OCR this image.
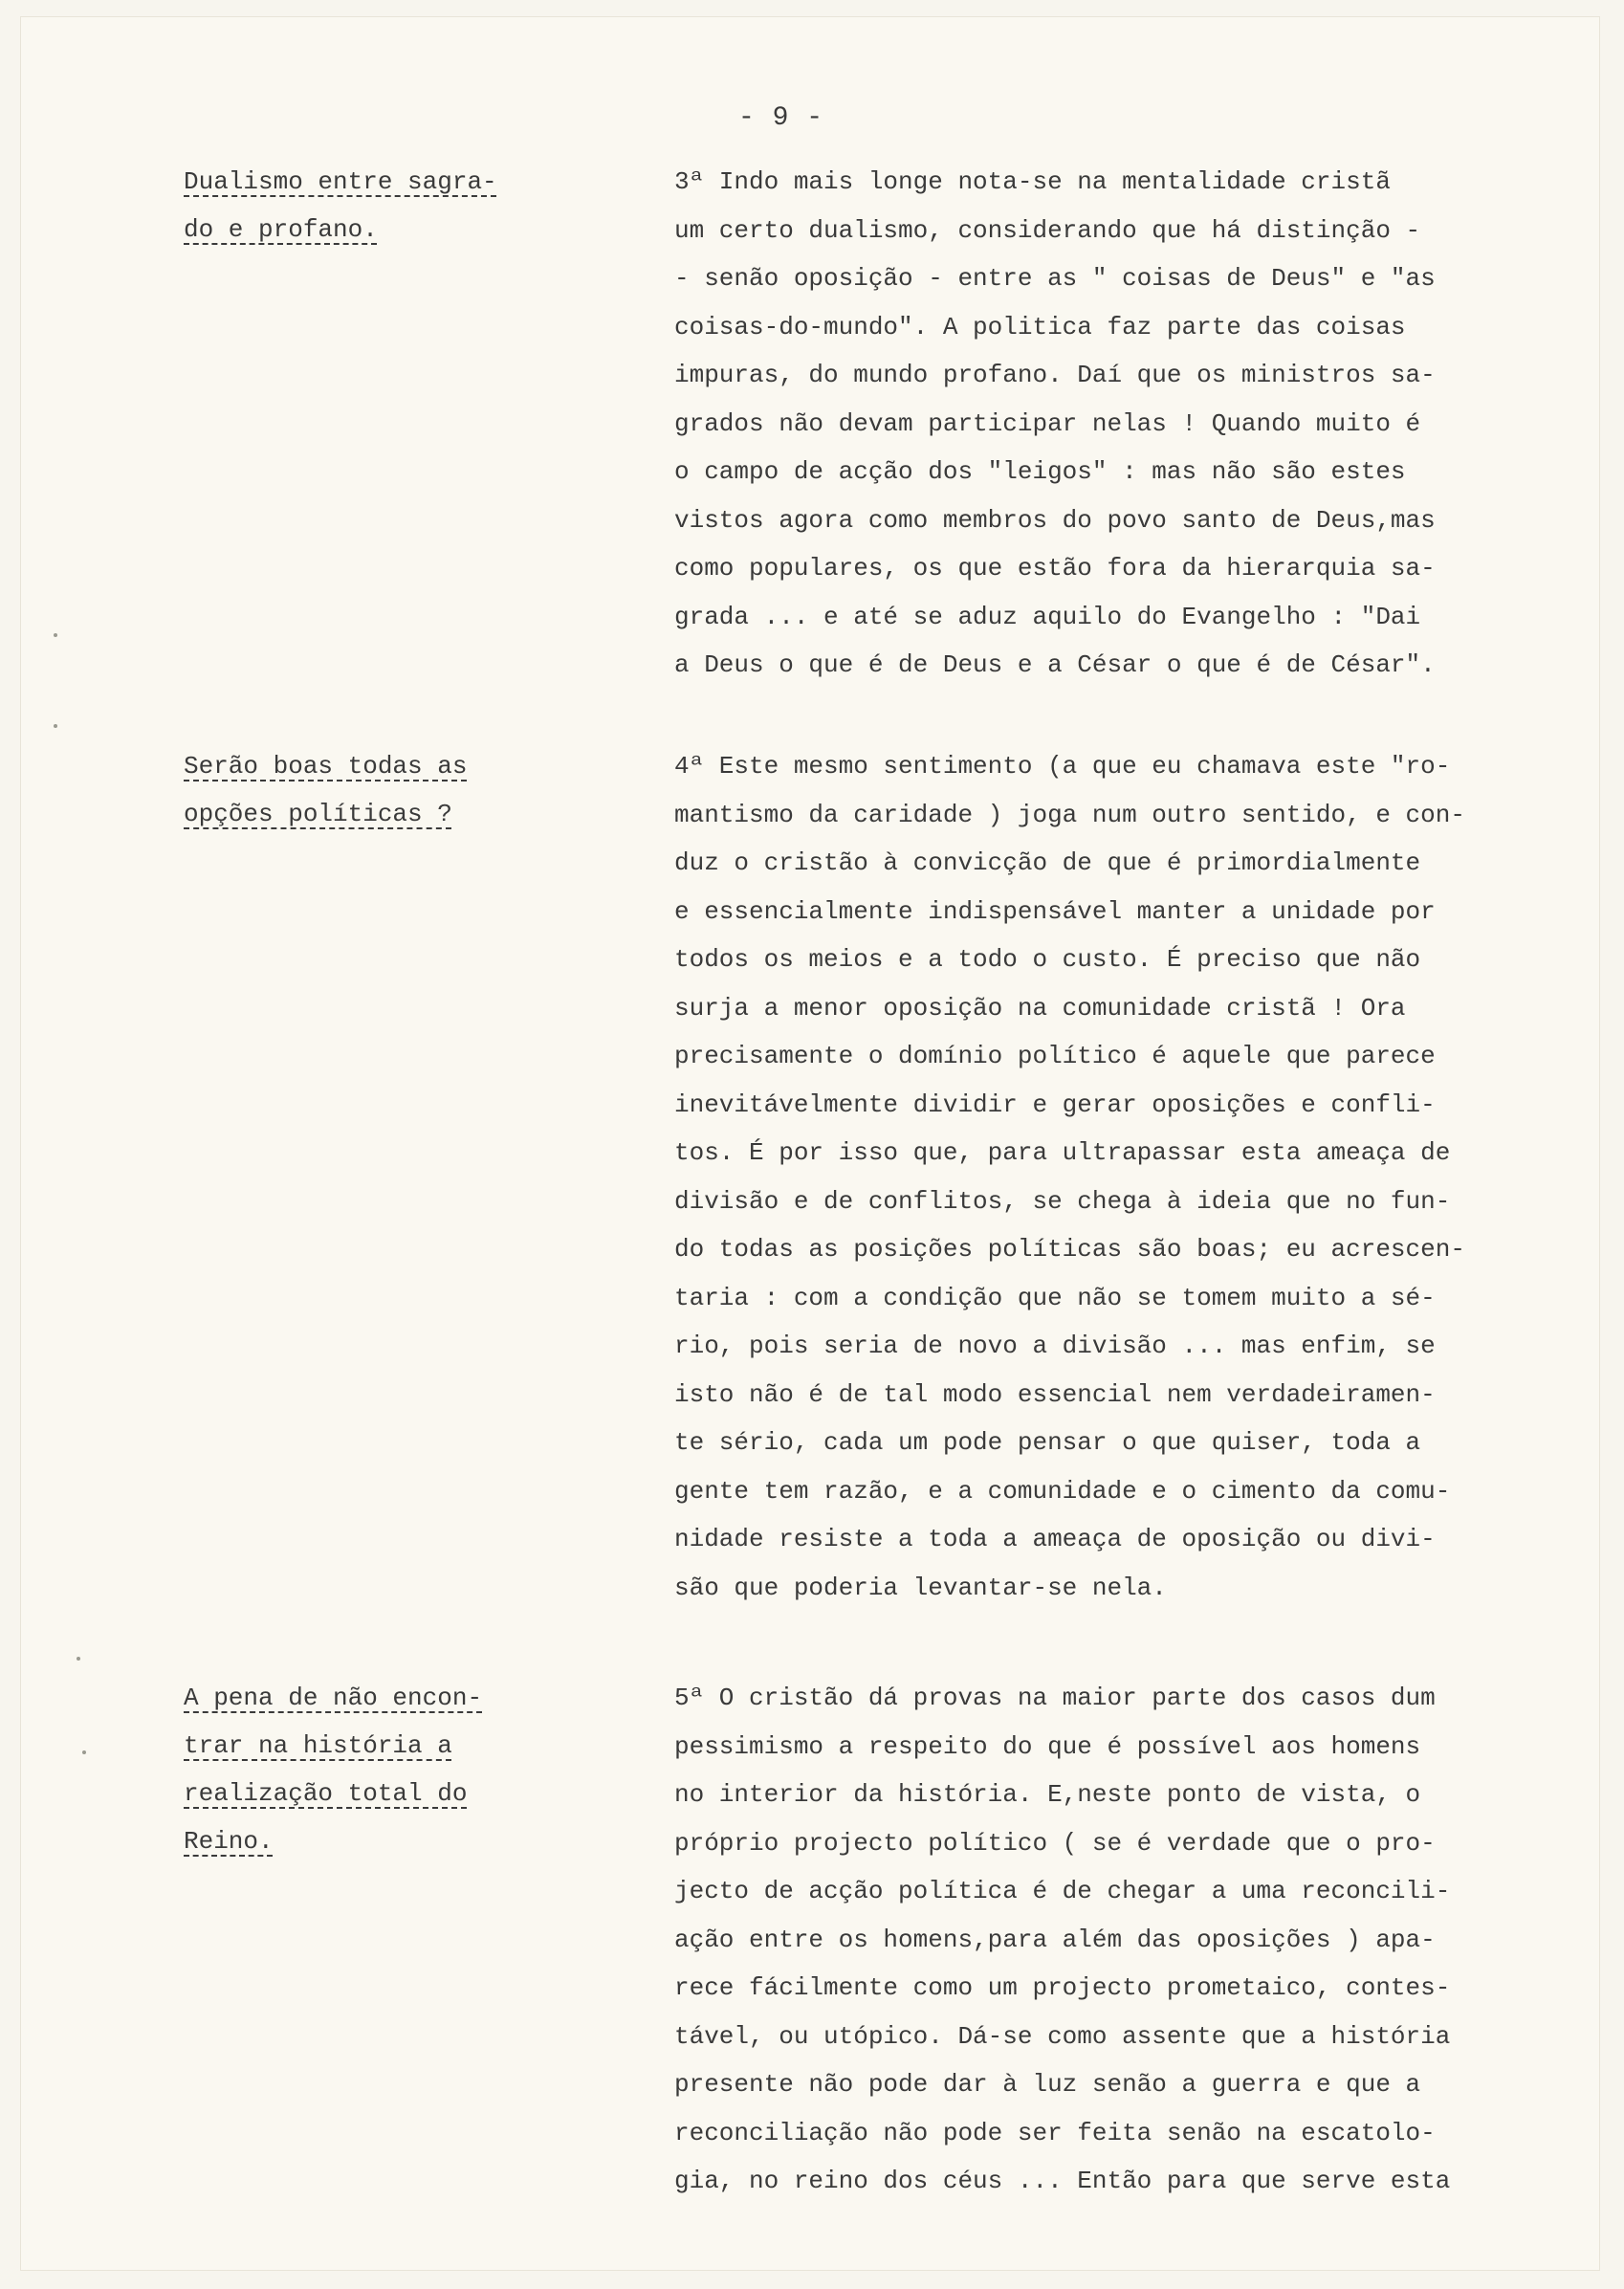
- 9 -
Dualismo entre sagra-
do e profano.
3ª Indo mais longe nota-se na mentalidade cristã
um certo dualismo, considerando que há distinção -
- senão oposição - entre as " coisas de Deus" e "as
coisas-do-mundo". A politica faz parte das coisas
impuras, do mundo profano. Daí que os ministros sa-
grados não devam participar nelas ! Quando muito é
o campo de acção dos "leigos" : mas não são estes
vistos agora como membros do povo santo de Deus,mas
como populares, os que estão fora da hierarquia sa-
grada ... e até se aduz aquilo do Evangelho : "Dai
a Deus o que é de Deus e a César o que é de César".
Serão boas todas as
opções políticas ?
4ª Este mesmo sentimento (a que eu chamava este "ro-
mantismo da caridade ) joga num outro sentido, e con-
duz o cristão à convicção de que é primordialmente
e essencialmente indispensável manter a unidade por
todos os meios e a todo o custo. É preciso que não
surja a menor oposição na comunidade cristã ! Ora
precisamente o domínio político é aquele que parece
inevitávelmente dividir e gerar oposições e confli-
tos. É por isso que, para ultrapassar esta ameaça de
divisão e de conflitos, se chega à ideia que no fun-
do todas as posições políticas são boas; eu acrescen-
taria : com a condição que não se tomem muito a sé-
rio, pois seria de novo a divisão ... mas enfim, se
isto não é de tal modo essencial nem verdadeiramen-
te sério, cada um pode pensar o que quiser, toda a
gente tem razão, e a comunidade e o cimento da comu-
nidade resiste a toda a ameaça de oposição ou divi-
são que poderia levantar-se nela.
A pena de não encon-
trar na história a
realização total do
Reino.
5ª O cristão dá provas na maior parte dos casos dum
pessimismo a respeito do que é possível aos homens
no interior da história. E,neste ponto de vista, o
próprio projecto político ( se é verdade que o pro-
jecto de acção política é de chegar a uma reconcili-
ação entre os homens,para além das oposições ) apa-
rece fácilmente como um projecto prometaico, contes-
tável, ou utópico. Dá-se como assente que a história
presente não pode dar à luz senão a guerra e que a
reconciliação não pode ser feita senão na escatolo-
gia, no reino dos céus ... Então para que serve esta
